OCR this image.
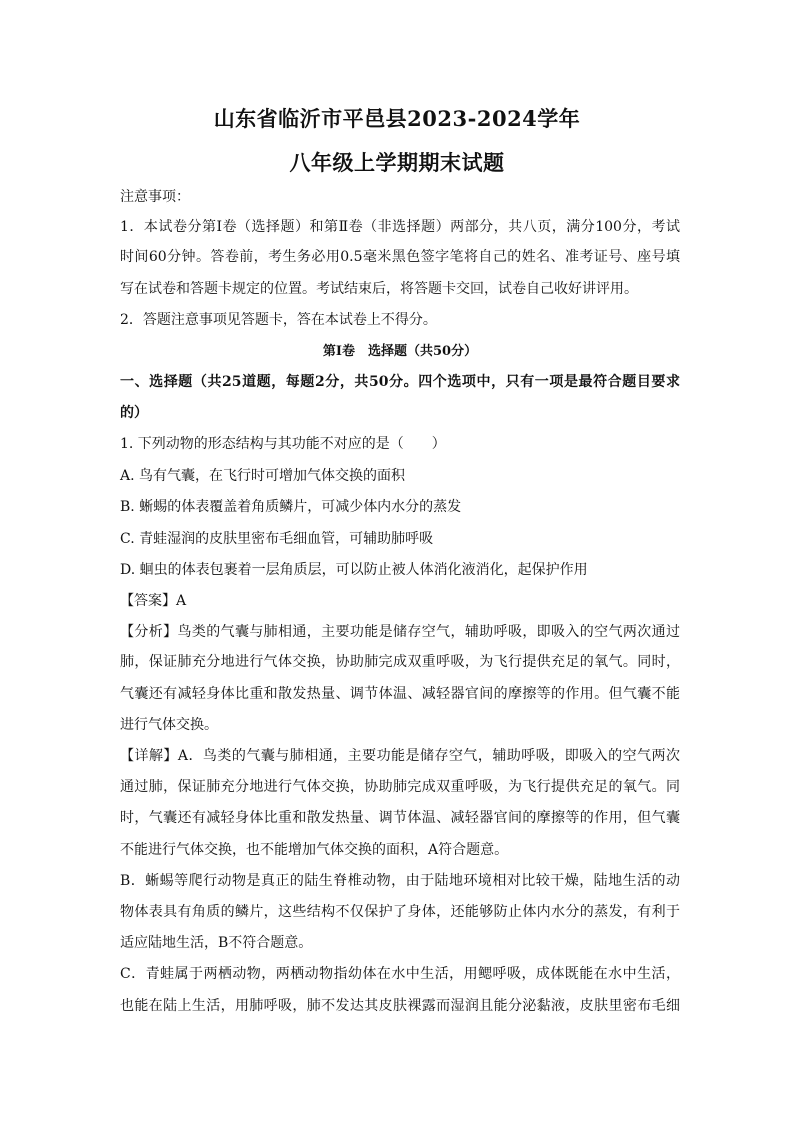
山东省临沂市平邑县2023-2024学年
八年级上学期期末试题
注意事项：
1．本试卷分第Ⅰ卷（选择题）和第Ⅱ卷（非选择题）两部分，共八页，满分100分，考试
时间60分钟。答卷前，考生务必用0.5毫米黑色签字笔将自己的姓名、准考证号、座号填
写在试卷和答题卡规定的位置。考试结束后，将答题卡交回，试卷自己收好讲评用。
2．答题注意事项见答题卡，答在本试卷上不得分。
第Ⅰ卷　选择题（共50分）
一、选择题（共25道题，每题2分，共50分。四个选项中，只有一项是最符合题目要求
的）
1. 下列动物的形态结构与其功能不对应的是（　　）
A. 鸟有气囊，在飞行时可增加气体交换的面积
B. 蜥蜴的体表覆盖着角质鳞片，可减少体内水分的蒸发
C. 青蛙湿润的皮肤里密布毛细血管，可辅助肺呼吸
D. 蛔虫的体表包裹着一层角质层，可以防止被人体消化液消化，起保护作用
【答案】A
【分析】鸟类的气囊与肺相通，主要功能是储存空气，辅助呼吸，即吸入的空气两次通过
肺，保证肺充分地进行气体交换，协助肺完成双重呼吸，为飞行提供充足的氧气。同时，
气囊还有减轻身体比重和散发热量、调节体温、减轻器官间的摩擦等的作用。但气囊不能
进行气体交换。
【详解】A．鸟类的气囊与肺相通，主要功能是储存空气，辅助呼吸，即吸入的空气两次
通过肺，保证肺充分地进行气体交换，协助肺完成双重呼吸，为飞行提供充足的氧气。同
时，气囊还有减轻身体比重和散发热量、调节体温、减轻器官间的摩擦等的作用，但气囊
不能进行气体交换，也不能增加气体交换的面积，A符合题意。
B．蜥蜴等爬行动物是真正的陆生脊椎动物，由于陆地环境相对比较干燥，陆地生活的动
物体表具有角质的鳞片，这些结构不仅保护了身体，还能够防止体内水分的蒸发，有利于
适应陆地生活，B不符合题意。
C．青蛙属于两栖动物，两栖动物指幼体在水中生活，用鳃呼吸，成体既能在水中生活，
也能在陆上生活，用肺呼吸，肺不发达其皮肤裸露而湿润且能分泌黏液，皮肤里密布毛细
